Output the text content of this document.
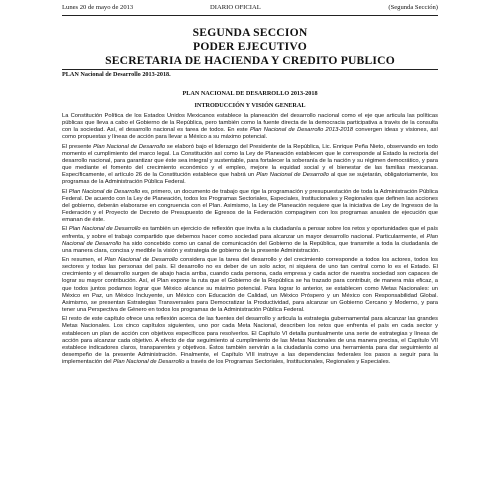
Lunes 20 de mayo de 2013	DIARIO OFICIAL	(Segunda Sección)
SEGUNDA SECCION
PODER EJECUTIVO
SECRETARIA DE HACIENDA Y CREDITO PUBLICO
PLAN Nacional de Desarrollo 2013-2018.
PLAN NACIONAL DE DESARROLLO 2013-2018
INTRODUCCIÓN Y VISIÓN GENERAL

La Constitución Política de los Estados Unidos Mexicanos establece la planeación del desarrollo nacional como el eje que articula las políticas públicas que lleva a cabo el Gobierno de la República, pero también como la fuente directa de la democracia participativa a través de la consulta con la sociedad. Así, el desarrollo nacional es tarea de todos. En este Plan Nacional de Desarrollo 2013-2018 convergen ideas y visiones, así como propuestas y líneas de acción para llevar a México a su máximo potencial.

El presente Plan Nacional de Desarrollo se elaboró bajo el liderazgo del Presidente de la República, Lic. Enrique Peña Nieto, observando en todo momento el cumplimiento del marco legal. La Constitución así como la Ley de Planeación establecen que le corresponde al Estado la rectoría del desarrollo nacional, para garantizar que éste sea integral y sustentable, para fortalecer la soberanía de la nación y su régimen democrático, y para que mediante el fomento del crecimiento económico y el empleo, mejore la equidad social y el bienestar de las familias mexicanas. Específicamente, el artículo 26 de la Constitución establece que habrá un Plan Nacional de Desarrollo al que se sujetarán, obligatoriamente, los programas de la Administración Pública Federal.

El Plan Nacional de Desarrollo es, primero, un documento de trabajo que rige la programación y presupuestación de toda la Administración Pública Federal. De acuerdo con la Ley de Planeación, todos los Programas Sectoriales, Especiales, Institucionales y Regionales que definen las acciones del gobierno, deberán elaborarse en congruencia con el Plan. Asimismo, la Ley de Planeación requiere que la iniciativa de Ley de Ingresos de la Federación y el Proyecto de Decreto de Presupuesto de Egresos de la Federación compaginen con los programas anuales de ejecución que emanan de éste.

El Plan Nacional de Desarrollo es también un ejercicio de reflexión que invita a la ciudadanía a pensar sobre los retos y oportunidades que el país enfrenta, y sobre el trabajo compartido que debemos hacer como sociedad para alcanzar un mayor desarrollo nacional. Particularmente, el Plan Nacional de Desarrollo ha sido concebido como un canal de comunicación del Gobierno de la República, que transmite a toda la ciudadanía de una manera clara, concisa y medible la visión y estrategia de gobierno de la presente Administración.

En resumen, el Plan Nacional de Desarrollo considera que la tarea del desarrollo y del crecimiento corresponde a todos los actores, todos los sectores y todas las personas del país. El desarrollo no es deber de un solo actor, ni siquiera de uno tan central como lo es el Estado. El crecimiento y el desarrollo surgen de abajo hacia arriba, cuando cada persona, cada empresa y cada actor de nuestra sociedad son capaces de lograr su mayor contribución. Así, el Plan expone la ruta que el Gobierno de la República se ha trazado para contribuir, de manera más eficaz, a que todos juntos podamos lograr que México alcance su máximo potencial. Para lograr lo anterior, se establecen como Metas Nacionales: un México en Paz, un México Incluyente, un México con Educación de Calidad, un México Próspero y un México con Responsabilidad Global. Asimismo, se presentan Estrategias Transversales para Democratizar la Productividad, para alcanzar un Gobierno Cercano y Moderno, y para tener una Perspectiva de Género en todos los programas de la Administración Pública Federal.

El resto de este capítulo ofrece una reflexión acerca de las fuentes del desarrollo y articula la estrategia gubernamental para alcanzar las grandes Metas Nacionales. Los cinco capítulos siguientes, uno por cada Meta Nacional, describen los retos que enfrenta el país en cada sector y establecen un plan de acción con objetivos específicos para resolverlos. El Capítulo VI detalla puntualmente una serie de estrategias y líneas de acción para alcanzar cada objetivo. A efecto de dar seguimiento al cumplimiento de las Metas Nacionales de una manera precisa, el Capítulo VII establece indicadores claros, transparentes y objetivos. Éstos también servirán a la ciudadanía como una herramienta para dar seguimiento al desempeño de la presente Administración. Finalmente, el Capítulo VIII instruye a las dependencias federales los pasos a seguir para la implementación del Plan Nacional de Desarrollo a través de los Programas Sectoriales, Institucionales, Regionales y Especiales.
